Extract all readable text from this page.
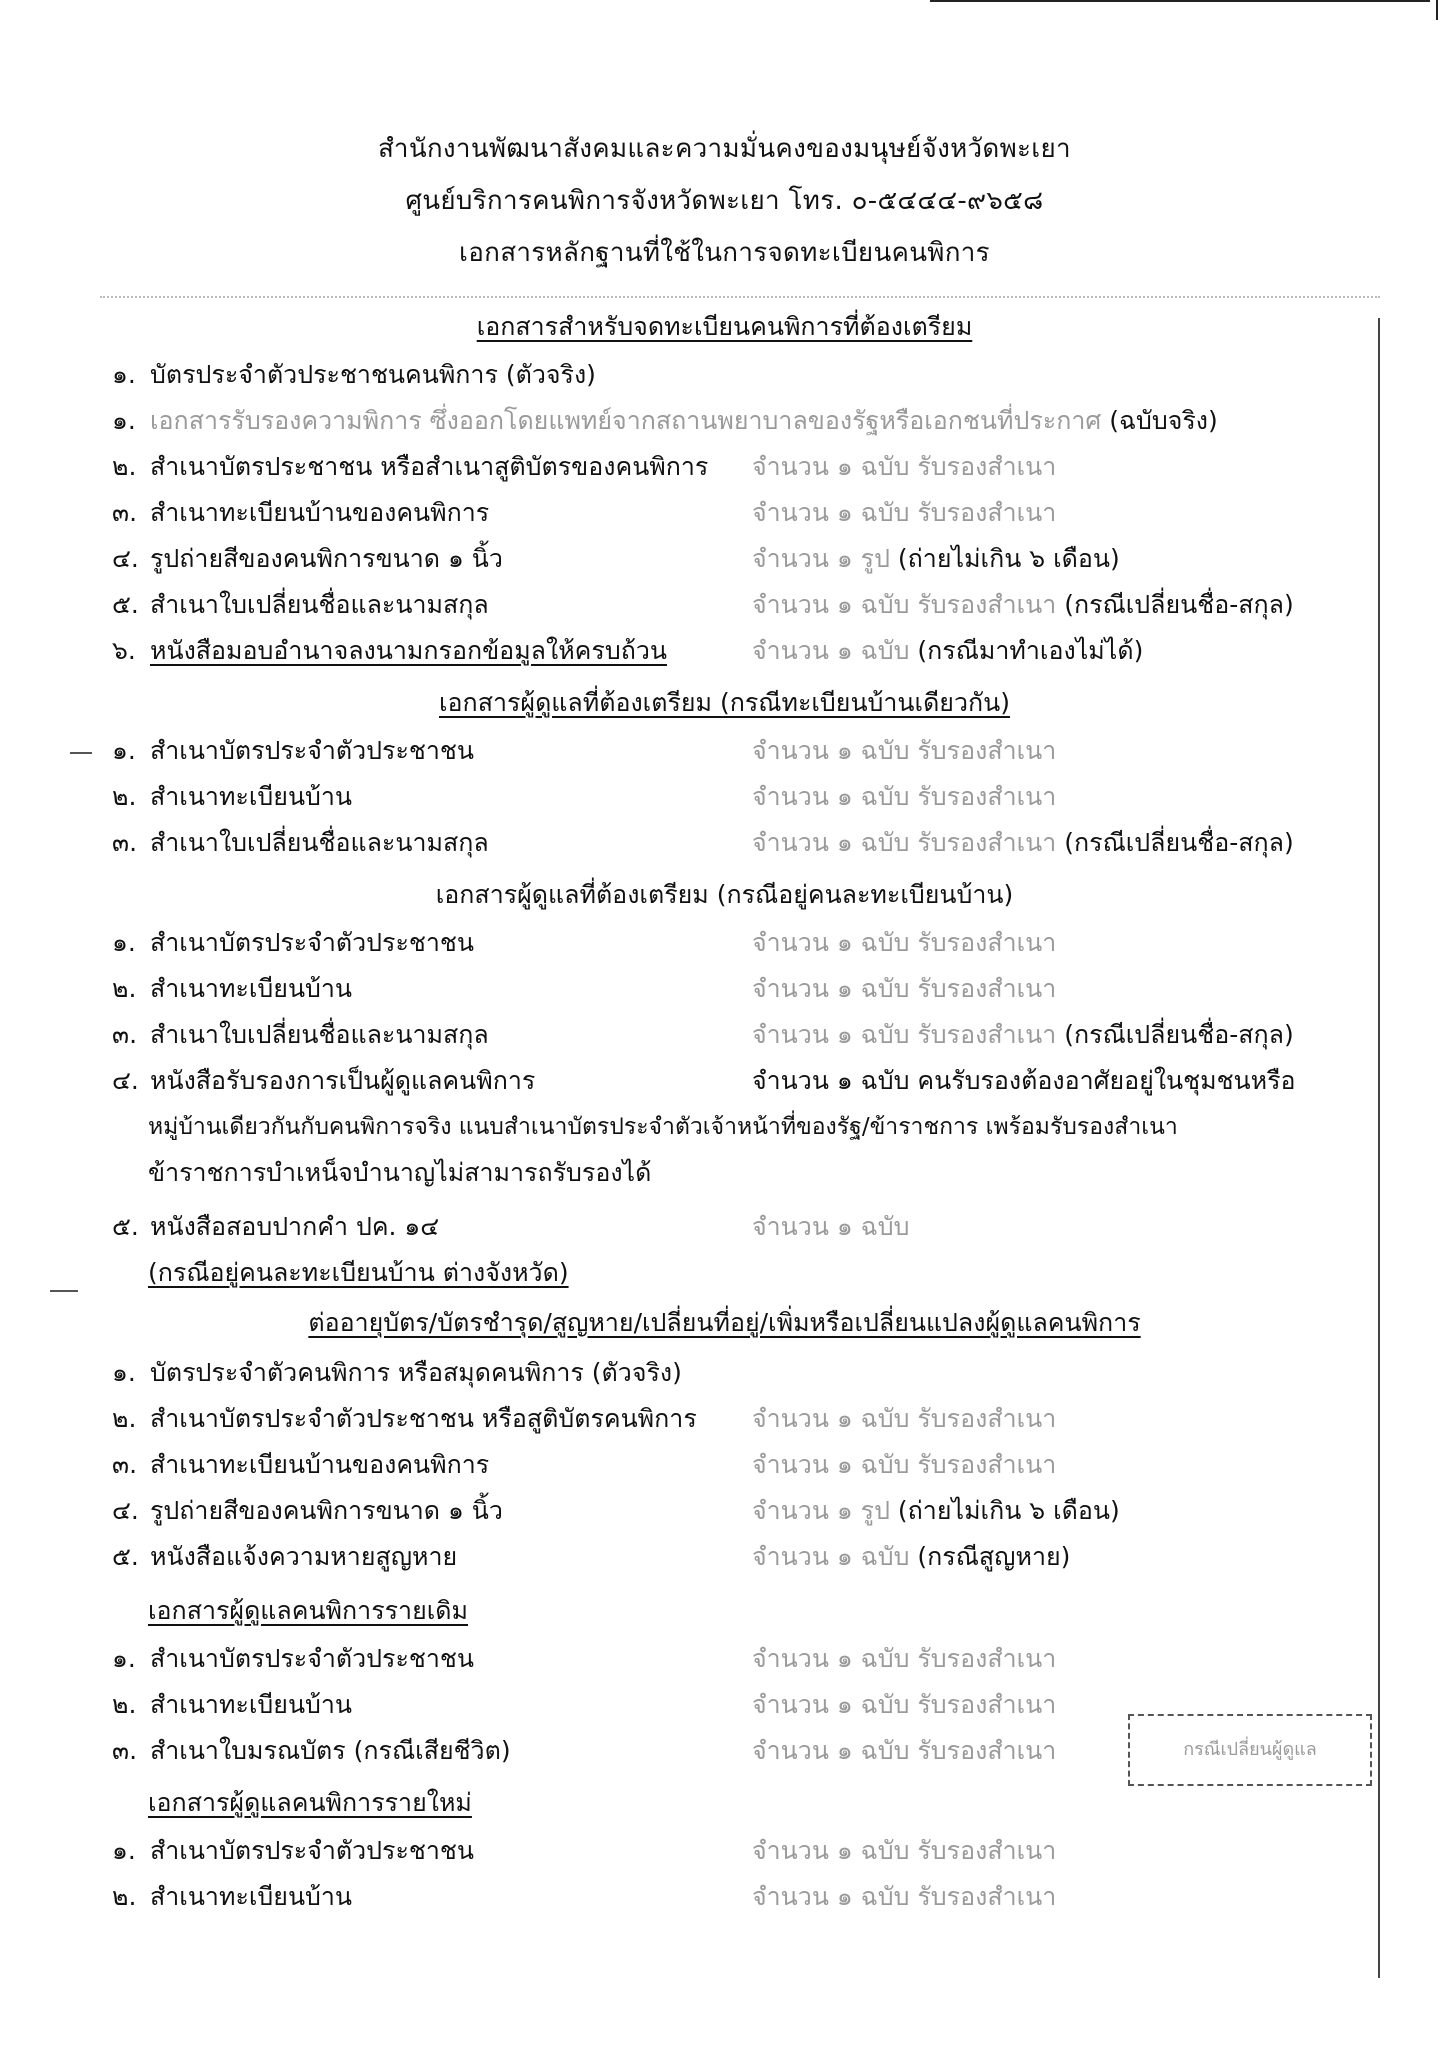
สำนักงานพัฒนาสังคมและความมั่นคงของมนุษย์จังหวัดพะเยา
ศูนย์บริการคนพิการจังหวัดพะเยา โทร. ๐-๕๔๔๔-๙๖๕๘
เอกสารหลักฐานที่ใช้ในการจดทะเบียนคนพิการ
เอกสารสำหรับจดทะเบียนคนพิการที่ต้องเตรียม
๑. บัตรประจำตัวประชาชนคนพิการ (ตัวจริง)
๑. เอกสารรับรองความพิการ ซึ่งออกโดยแพทย์จากสถานพยาบาลของรัฐหรือเอกชนที่ประกาศ (ฉบับจริง)
๒. สำเนาบัตรประชาชน หรือสำเนาสูติบัตรของคนพิการ จำนวน ๑ ฉบับ รับรองสำเนา
๓. สำเนาทะเบียนบ้านของคนพิการ	จำนวน ๑ ฉบับ รับรองสำเนา
๔. รูปถ่ายสีของคนพิการขนาด ๑ นิ้ว	จำนวน ๑ รูป (ถ่ายไม่เกิน ๖ เดือน)
๕. สำเนาใบเปลี่ยนชื่อและนามสกุล	จำนวน ๑ ฉบับ รับรองสำเนา (กรณีเปลี่ยนชื่อ-สกุล)
๖. หนังสือมอบอำนาจลงนามกรอกข้อมูลให้ครบถ้วน	จำนวน ๑ ฉบับ (กรณีมาทำเองไม่ได้)
เอกสารผู้ดูแลที่ต้องเตรียม (กรณีทะเบียนบ้านเดียวกัน)
๑. สำเนาบัตรประจำตัวประชาชน	จำนวน ๑ ฉบับ รับรองสำเนา
๒. สำเนาทะเบียนบ้าน	จำนวน ๑ ฉบับ รับรองสำเนา
๓. สำเนาใบเปลี่ยนชื่อและนามสกุล	จำนวน ๑ ฉบับ รับรองสำเนา (กรณีเปลี่ยนชื่อ-สกุล)
เอกสารผู้ดูแลที่ต้องเตรียม (กรณีอยู่คนละทะเบียนบ้าน)
๑. สำเนาบัตรประจำตัวประชาชน	จำนวน ๑ ฉบับ รับรองสำเนา
๒. สำเนาทะเบียนบ้าน	จำนวน ๑ ฉบับ รับรองสำเนา
๓. สำเนาใบเปลี่ยนชื่อและนามสกุล	จำนวน ๑ ฉบับ รับรองสำเนา (กรณีเปลี่ยนชื่อ-สกุล)
๔. หนังสือรับรองการเป็นผู้ดูแลคนพิการ	จำนวน ๑ ฉบับ คนรับรองต้องอาศัยอยู่ในชุมชนหรือ
หมู่บ้านเดียวกันกับคนพิการจริง แนบสำเนาบัตรประจำตัวเจ้าหน้าที่ของรัฐ/ข้าราชการ เพร้อมรับรองสำเนา
ข้าราชการบำเหน็จบำนาญไม่สามารถรับรองได้
๕. หนังสือสอบปากคำ ปค. ๑๔	จำนวน ๑ ฉบับ
(กรณีอยู่คนละทะเบียนบ้าน ต่างจังหวัด)
ต่ออายุบัตร/บัตรชำรุด/สูญหาย/เปลี่ยนที่อยู่/เพิ่มหรือเปลี่ยนแปลงผู้ดูแลคนพิการ
๑. บัตรประจำตัวคนพิการ หรือสมุดคนพิการ (ตัวจริง)
๒. สำเนาบัตรประจำตัวประชาชน หรือสูติบัตรคนพิการ จำนวน ๑ ฉบับ รับรองสำเนา
๓. สำเนาทะเบียนบ้านของคนพิการ	จำนวน ๑ ฉบับ รับรองสำเนา
๔. รูปถ่ายสีของคนพิการขนาด ๑ นิ้ว	จำนวน ๑ รูป (ถ่ายไม่เกิน ๖ เดือน)
๕. หนังสือแจ้งความหายสูญหาย	จำนวน ๑ ฉบับ (กรณีสูญหาย)
เอกสารผู้ดูแลคนพิการรายเดิม
๑. สำเนาบัตรประจำตัวประชาชน	จำนวน ๑ ฉบับ รับรองสำเนา
๒. สำเนาทะเบียนบ้าน	จำนวน ๑ ฉบับ รับรองสำเนา
๓. สำเนาใบมรณบัตร (กรณีเสียชีวิต)	จำนวน ๑ ฉบับ รับรองสำเนา	กรณีเปลี่ยนผู้ดูแล
เอกสารผู้ดูแลคนพิการรายใหม่
๑. สำเนาบัตรประจำตัวประชาชน	จำนวน ๑ ฉบับ รับรองสำเนา
๒. สำเนาทะเบียนบ้าน	จำนวน ๑ ฉบับ รับรองสำเนา
